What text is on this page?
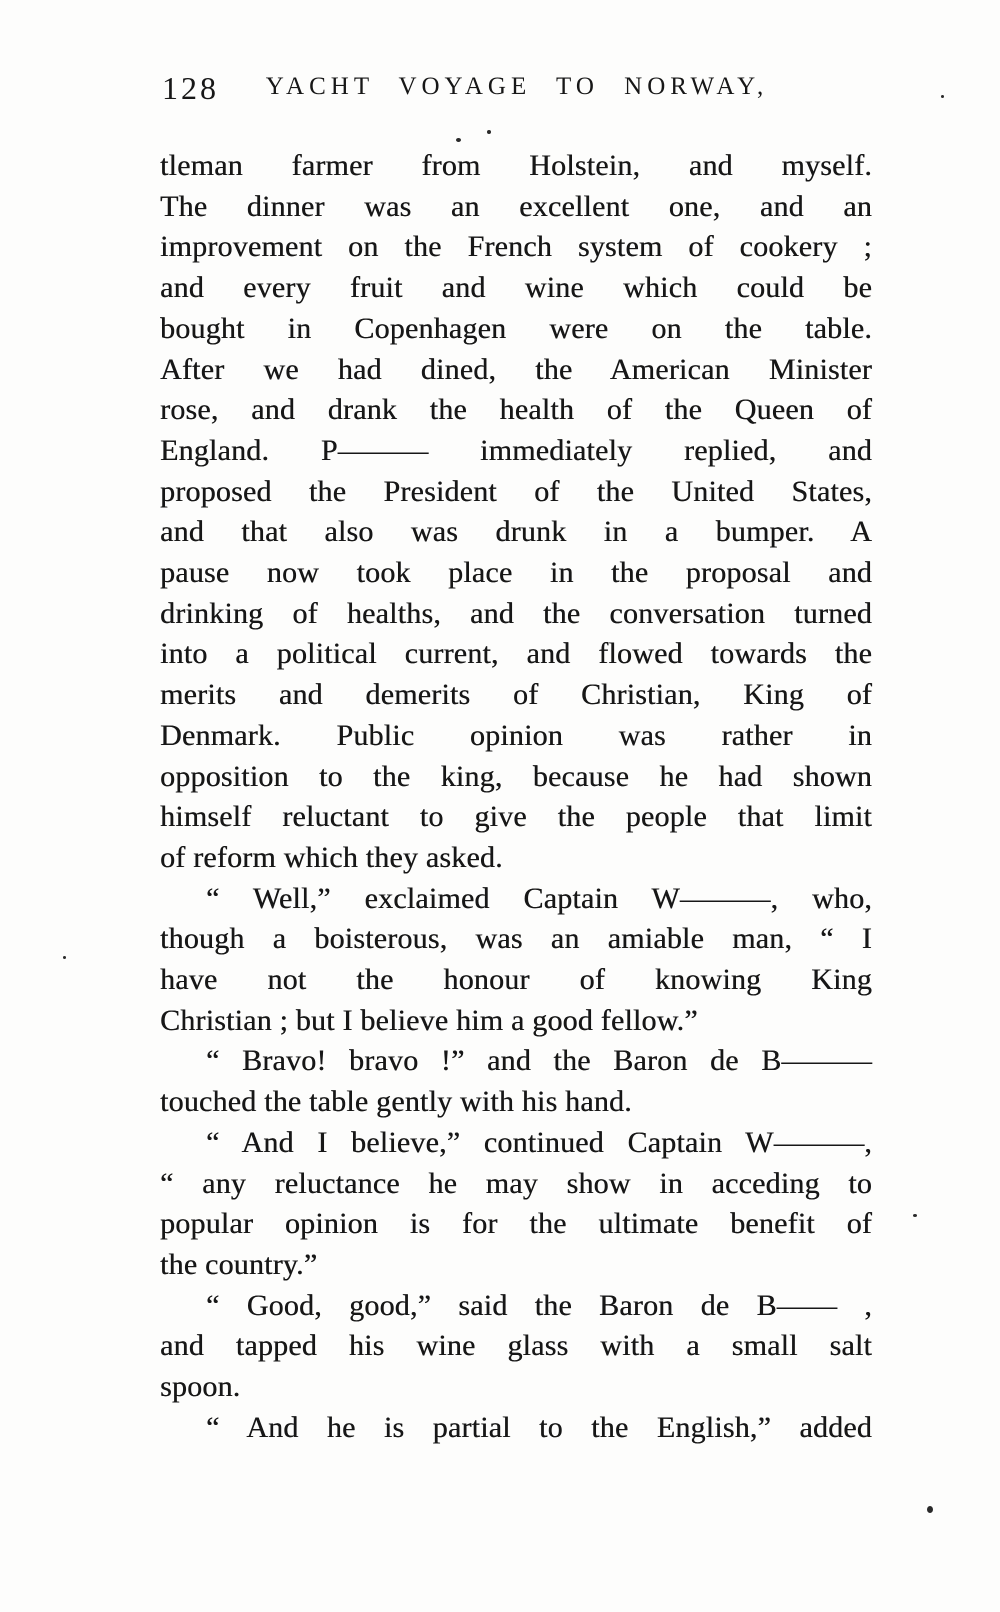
128	YACHT VOYAGE TO NORWAY,
tleman farmer from Holstein, and myself.
The dinner was an excellent one, and an
improvement on the French system of cookery ;
and every fruit and wine which could be
bought in Copenhagen were on the table.
After we had dined, the American Minister
rose, and drank the health of the Queen of
England. P——— immediately replied, and
proposed the President of the United States,
and that also was drunk in a bumper. A
pause now took place in the proposal and
drinking of healths, and the conversation turned
into a political current, and flowed towards the
merits and demerits of Christian, King of
Denmark. Public opinion was rather in
opposition to the king, because he had shown
himself reluctant to give the people that limit
of reform which they asked.
“ Well,” exclaimed Captain W———, who,
though a boisterous, was an amiable man, “ I
have not the honour of knowing King
Christian ; but I believe him a good fellow.”
“ Bravo! bravo !” and the Baron de B———
touched the table gently with his hand.
“ And I believe,” continued Captain W———,
“ any reluctance he may show in acceding to
popular opinion is for the ultimate benefit of
the country.”
“ Good, good,” said the Baron de B—— ,
and tapped his wine glass with a small salt
spoon.
“ And he is partial to the English,” added
